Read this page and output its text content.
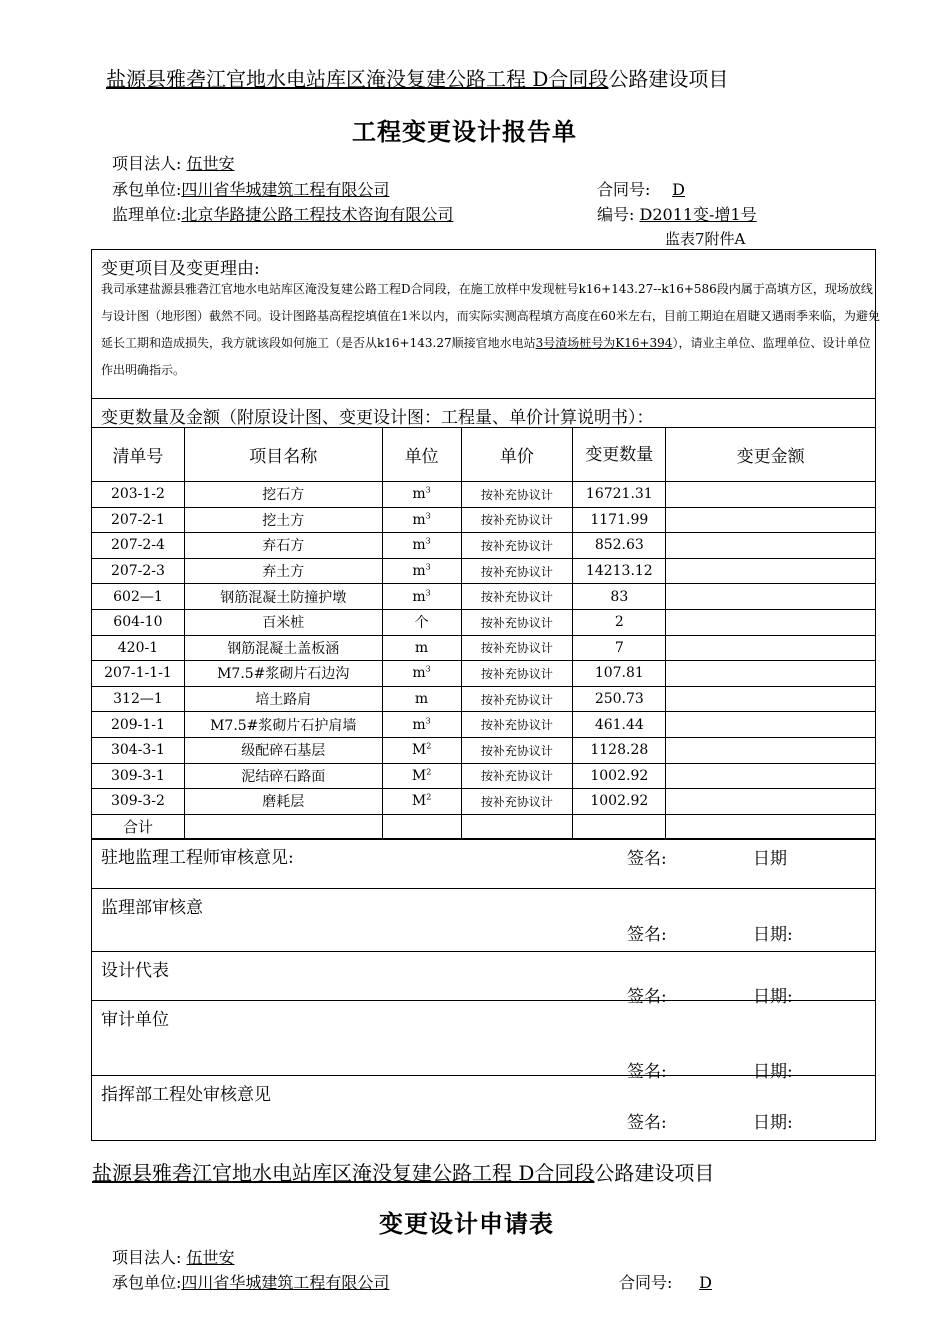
盐源县雅砻江官地水电站库区淹没复建公路工程 D合同段公路建设项目
工程变更设计报告单
项目法人: 伍世安
承包单位:四川省华城建筑工程有限公司	合同号: D
监理单位:北京华路捷公路工程技术咨询有限公司	编号: D2011变-增1号
监表7附件A
变更项目及变更理由:
我司承建盐源县雅砻江官地水电站库区淹没复建公路工程D合同段，在施工放样中发现桩号k16+143.27--k16+586段内属于高填方区，现场放线与设计图（地形图）截然不同。设计图路基高程挖填值在1米以内，而实际实测高程填方高度在60米左右，目前工期迫在眉睫又遇雨季来临，为避免延长工期和造成损失，我方就该段如何施工（是否从k16+143.27顺接官地水电站3号渣场桩号为K16+394），请业主单位、监理单位、设计单位作出明确指示。
变更数量及金额（附原设计图、变更设计图：工程量、单价计算说明书）：
清单号	项目名称	单位	单价	变更数量	变更金额
203-1-2	挖石方	$m^3$	按补充协议计	16721.31	
207-2-1	挖土方	$m^3$	按补充协议计	1171.99	
207-2-4	弃石方	$m^3$	按补充协议计	852.63	
207-2-3	弃土方	$m^3$	按补充协议计	14213.12	
602—1	钢筋混凝土防撞护墩	$m^3$	按补充协议计	83	
604-10	百米桩	个	按补充协议计	2	
420-1	钢筋混凝土盖板涵	m	按补充协议计	7	
207-1-1-1	M7.5#浆砌片石边沟	$m^3$	按补充协议计	107.81	
312—1	培土路肩	m	按补充协议计	250.73	
209-1-1	M7.5#浆砌片石护肩墙	$m^3$	按补充协议计	461.44	
304-3-1	级配碎石基层	$M^2$	按补充协议计	1128.28	
309-3-1	泥结碎石路面	$M^2$	按补充协议计	1002.92	
309-3-2	磨耗层	$M^2$	按补充协议计	1002.92	
合计					
驻地监理工程师审核意见:	签名:	日期
监理部审核意
签名:	日期:
设计代表
签名:	日期:
审计单位
签名:	日期:
指挥部工程处审核意见
签名:	日期:
盐源县雅砻江官地水电站库区淹没复建公路工程 D合同段公路建设项目
变更设计申请表
项目法人: 伍世安
承包单位:四川省华城建筑工程有限公司	合同号: D
